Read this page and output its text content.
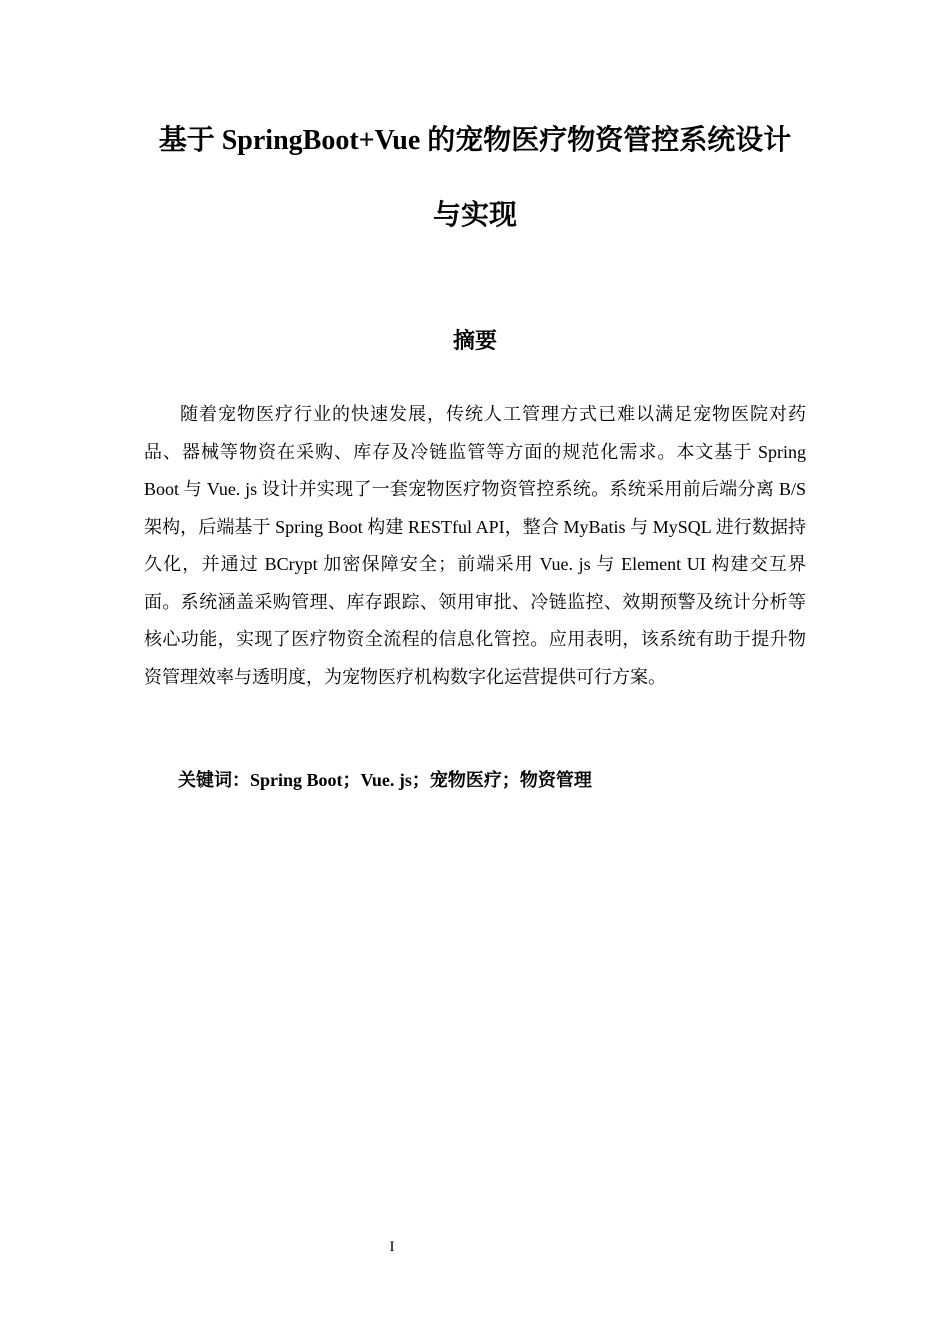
基于 SpringBoot+Vue 的宠物医疗物资管控系统设计
与实现
摘要

随着宠物医疗行业的快速发展，传统人工管理方式已难以满足宠物医院对药品、器械等物资在采购、库存及冷链监管等方面的规范化需求。本文基于 Spring Boot 与 Vue. js 设计并实现了一套宠物医疗物资管控系统。系统采用前后端分离 B/S 架构，后端基于 Spring Boot 构建 RESTful API，整合 MyBatis 与 MySQL 进行数据持久化，并通过 BCrypt 加密保障安全；前端采用 Vue. js 与 Element UI 构建交互界面。系统涵盖采购管理、库存跟踪、领用审批、冷链监控、效期预警及统计分析等核心功能，实现了医疗物资全流程的信息化管控。应用表明，该系统有助于提升物资管理效率与透明度，为宠物医疗机构数字化运营提供可行方案。

关键词：Spring Boot；Vue. js；宠物医疗；物资管理
I
